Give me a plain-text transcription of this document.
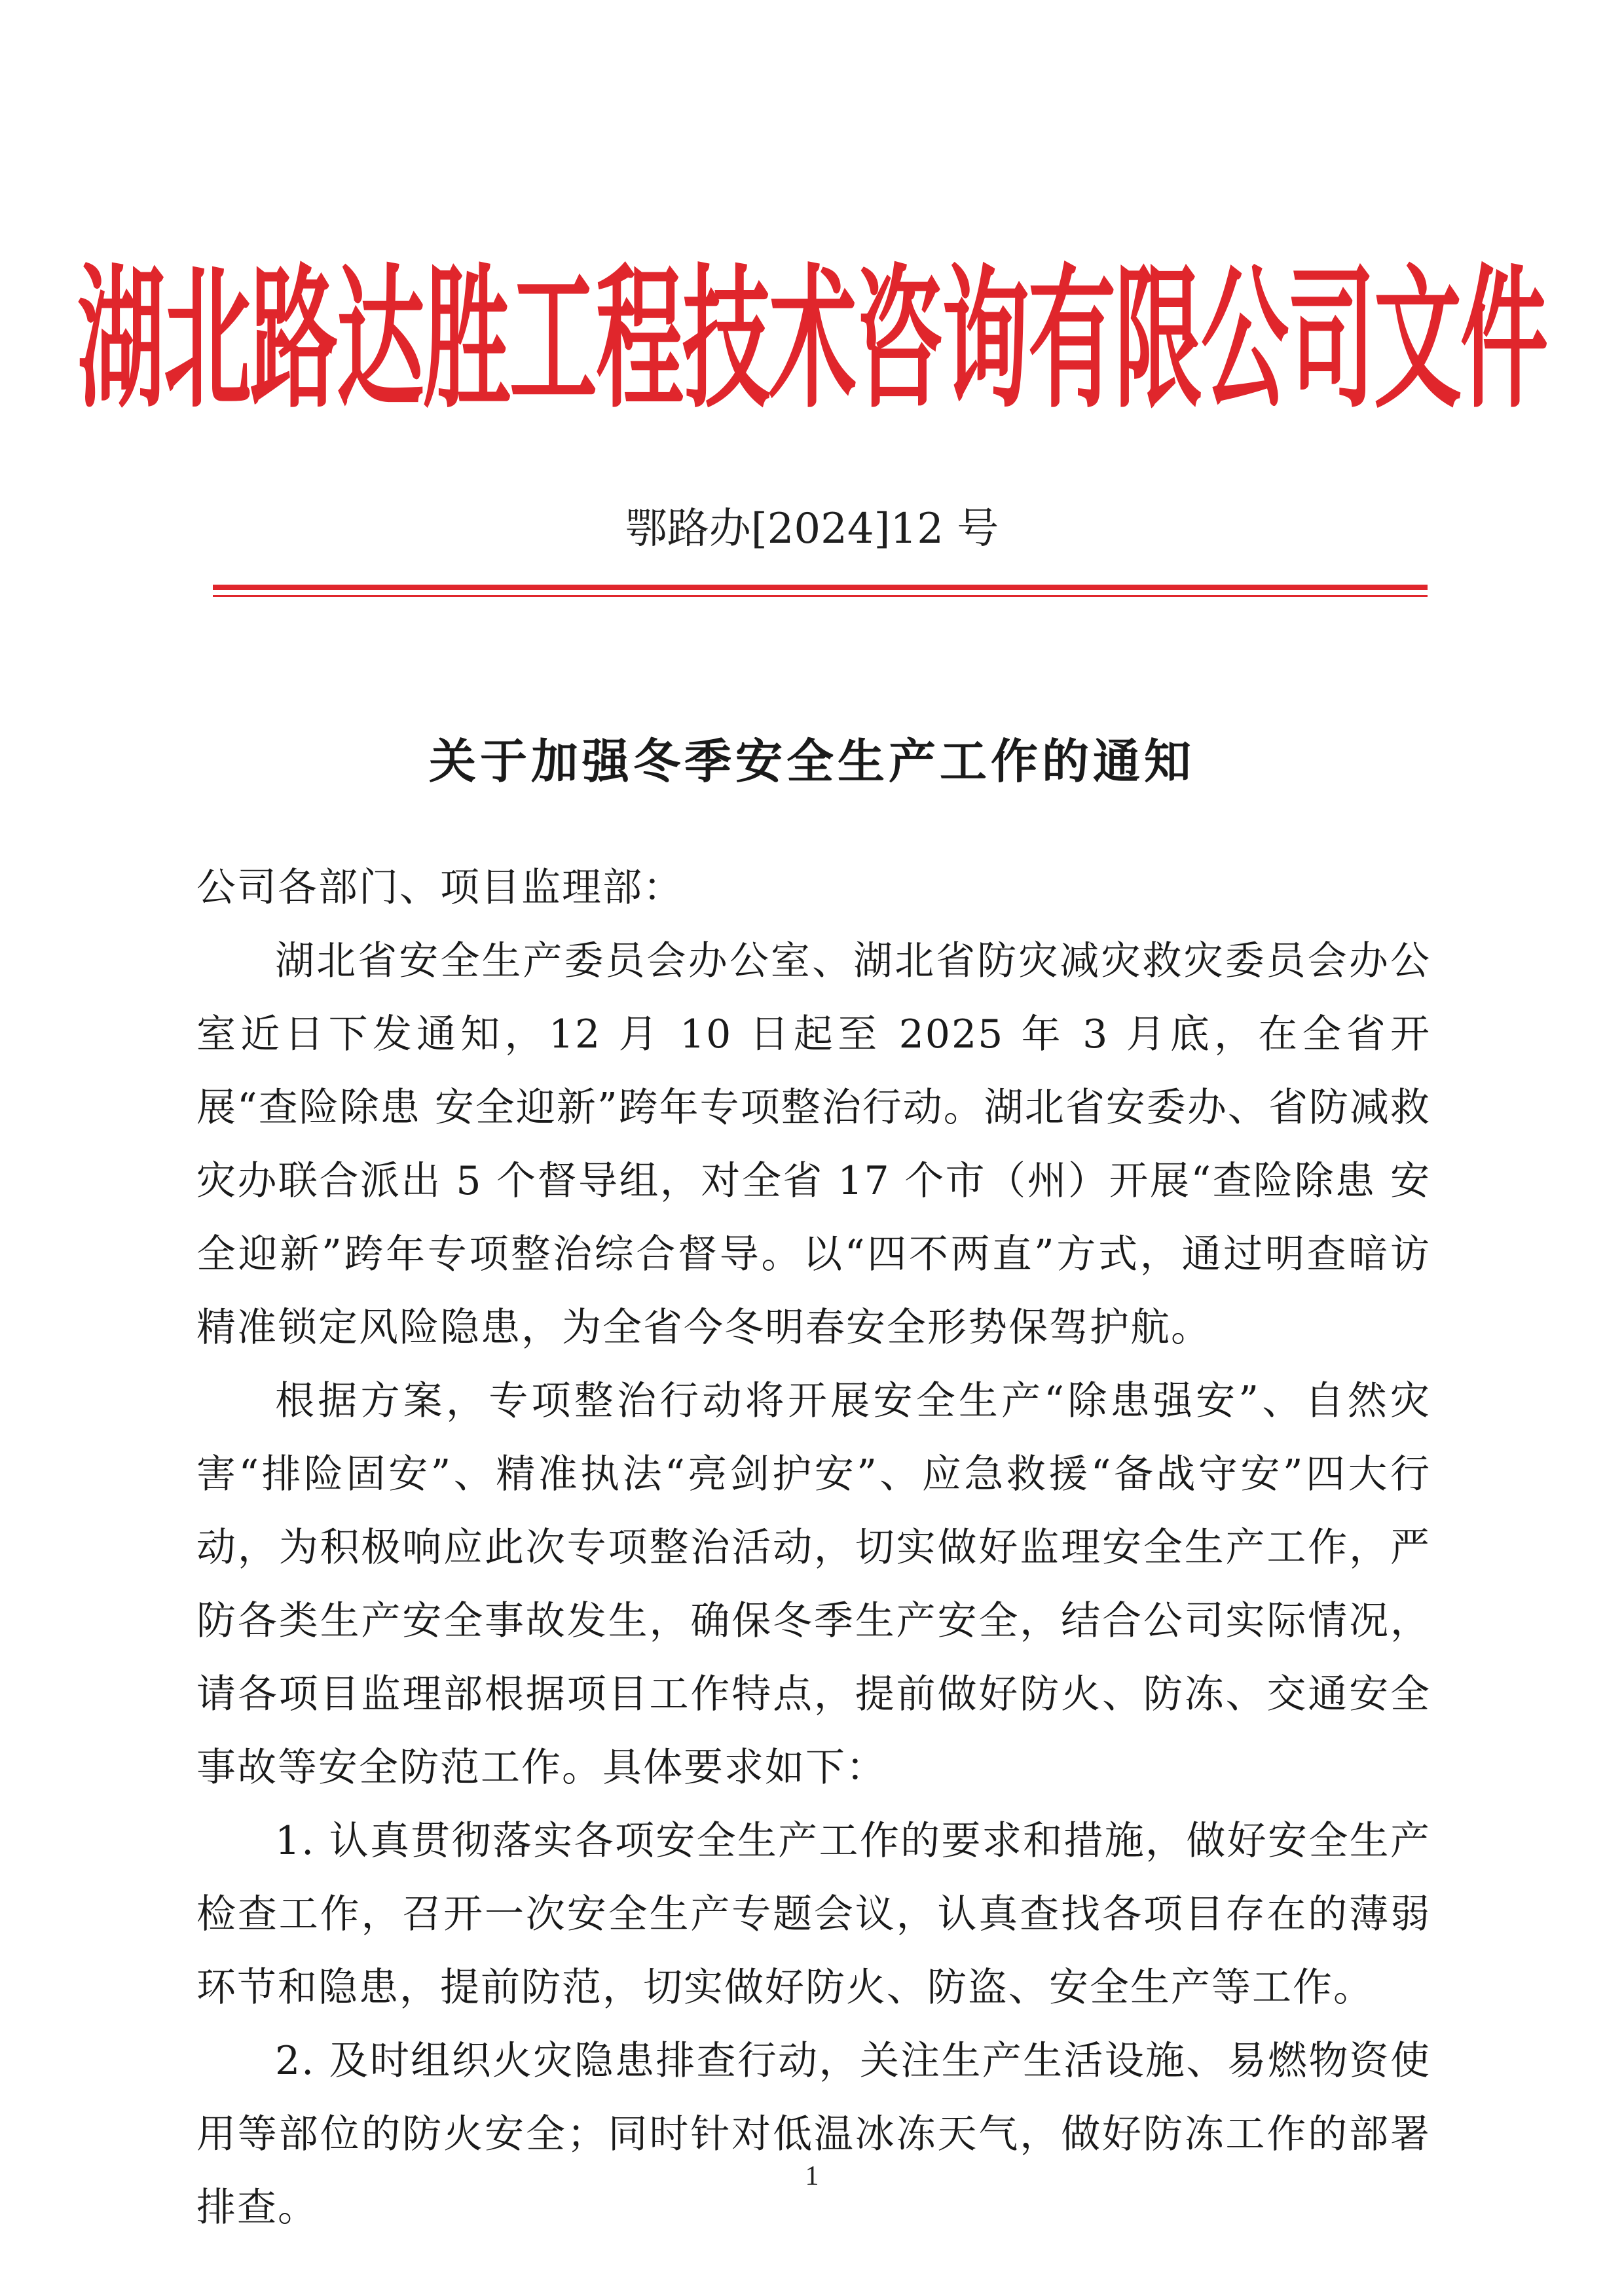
湖北路达胜工程技术咨询有限公司文件
鄂路办[2024]12 号
关于加强冬季安全生产工作的通知

公司各部门、项目监理部：

湖北省安全生产委员会办公室、湖北省防灾减灾救灾委员会办公室近日下发通知，12 月 10 日起至 2025 年 3 月底，在全省开展“查险除患 安全迎新”跨年专项整治行动。湖北省安委办、省防减救灾办联合派出 5 个督导组，对全省 17 个市（州）开展“查险除患 安全迎新”跨年专项整治综合督导。以“四不两直”方式，通过明查暗访精准锁定风险隐患，为全省今冬明春安全形势保驾护航。

根据方案，专项整治行动将开展安全生产“除患强安”、自然灾害“排险固安”、精准执法“亮剑护安”、应急救援“备战守安”四大行动，为积极响应此次专项整治活动，切实做好监理安全生产工作，严防各类生产安全事故发生，确保冬季生产安全，结合公司实际情况，请各项目监理部根据项目工作特点，提前做好防火、防冻、交通安全事故等安全防范工作。具体要求如下：

1. 认真贯彻落实各项安全生产工作的要求和措施，做好安全生产检查工作，召开一次安全生产专题会议，认真查找各项目存在的薄弱环节和隐患，提前防范，切实做好防火、防盗、安全生产等工作。

2. 及时组织火灾隐患排查行动，关注生产生活设施、易燃物资使用等部位的防火安全；同时针对低温冰冻天气，做好防冻工作的部署排查。

1
